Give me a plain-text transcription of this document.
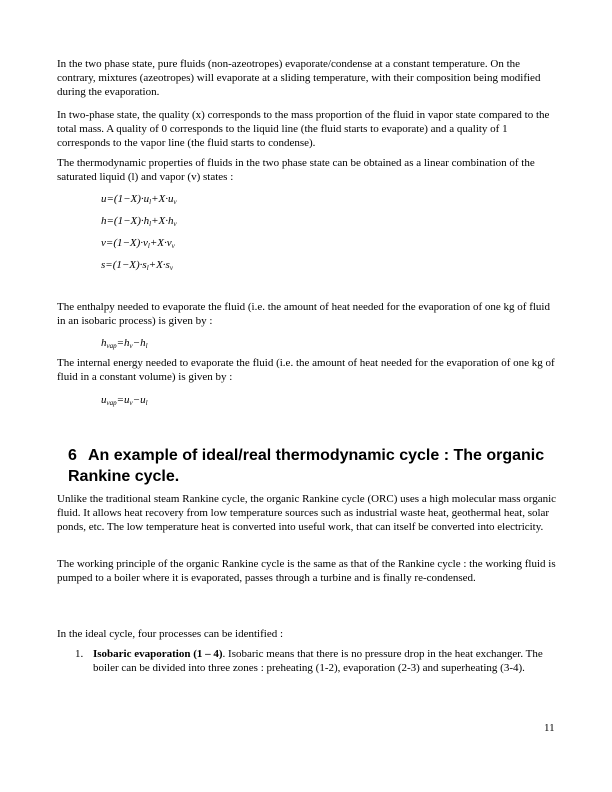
In the two phase state, pure fluids (non-azeotropes) evaporate/condense at a constant temperature. On the contrary, mixtures (azeotropes) will evaporate at a sliding temperature, with their composition being modified during the evaporation.

In two-phase state, the quality (x) corresponds to the mass proportion of the fluid in vapor state compared to the total mass. A quality of 0 corresponds to the liquid line (the fluid starts to evaporate) and a quality of 1 corresponds to the vapor line (the fluid starts to condense).

The thermodynamic properties of fluids in the two phase state can be obtained as a linear combination of the saturated liquid (l) and vapor (v) states :

$u=(1-X)\cdot u_l+X\cdot u_v$

$h=(1-X)\cdot h_l+X\cdot h_v$

$v=(1-X)\cdot v_l+X\cdot v_v$

$s=(1-X)\cdot s_l+X\cdot s_v$

The enthalpy needed to evaporate the fluid (i.e. the amount of heat needed for the evaporation of one kg of fluid in an isobaric process) is given by :

$h_{vap}=h_v-h_l$

The internal energy needed to evaporate the fluid (i.e. the amount of heat needed for the evaporation of one kg of fluid in a constant volume) is given by :

$u_{vap}=u_v-u_l$

6 An example of ideal/real thermodynamic cycle : The organic Rankine cycle.

Unlike the traditional steam Rankine cycle, the organic Rankine cycle (ORC) uses a high molecular mass organic fluid. It allows heat recovery from low temperature sources such as industrial waste heat, geothermal heat, solar ponds, etc. The low temperature heat is converted into useful work, that can itself be converted into electricity.

The working principle of the organic Rankine cycle is the same as that of the Rankine cycle : the working fluid is pumped to a boiler where it is evaporated, passes through a turbine and is finally re-condensed.

In the ideal cycle, four processes can be identified :

1. Isobaric evaporation (1 – 4). Isobaric means that there is no pressure drop in the heat exchanger. The boiler can be divided into three zones : preheating (1-2), evaporation (2-3) and superheating (3-4).
11
